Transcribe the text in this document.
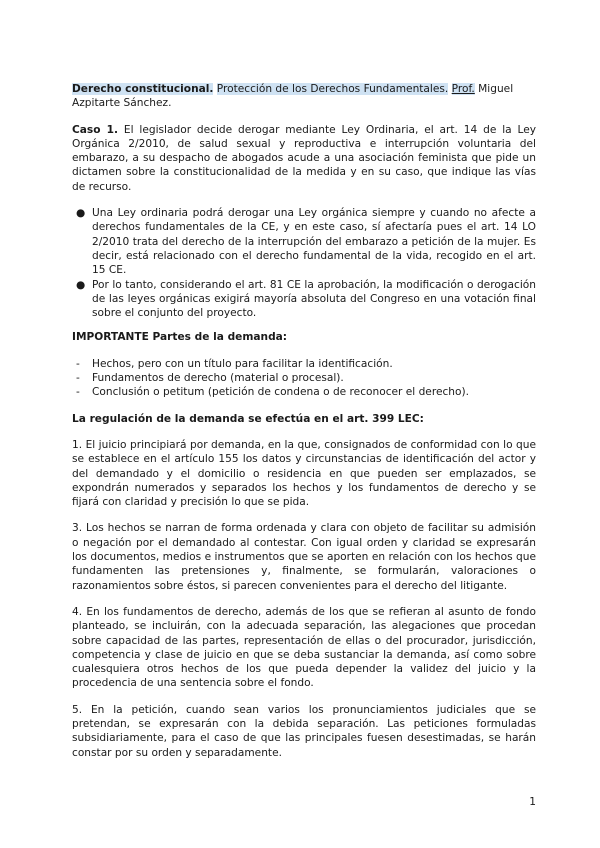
Derecho constitucional. Protección de los Derechos Fundamentales. Prof. Miguel Azpitarte Sánchez.

Caso 1. El legislador decide derogar mediante Ley Ordinaria, el art. 14 de la Ley Orgánica 2/2010, de salud sexual y reproductiva e interrupción voluntaria del embarazo, a su despacho de abogados acude a una asociación feminista que pide un dictamen sobre la constitucionalidad de la medida y en su caso, que indique las vías de recurso.

● Una Ley ordinaria podrá derogar una Ley orgánica siempre y cuando no afecte a derechos fundamentales de la CE, y en este caso, sí afectaría pues el art. 14 LO 2/2010 trata del derecho de la interrupción del embarazo a petición de la mujer. Es decir, está relacionado con el derecho fundamental de la vida, recogido en el art. 15 CE.
● Por lo tanto, considerando el art. 81 CE la aprobación, la modificación o derogación de las leyes orgánicas exigirá mayoría absoluta del Congreso en una votación final sobre el conjunto del proyecto.

IMPORTANTE Partes de la demanda:

- Hechos, pero con un título para facilitar la identificación.
- Fundamentos de derecho (material o procesal).
- Conclusión o petitum (petición de condena o de reconocer el derecho).

La regulación de la demanda se efectúa en el art. 399 LEC:

1. El juicio principiará por demanda, en la que, consignados de conformidad con lo que se establece en el artículo 155 los datos y circunstancias de identificación del actor y del demandado y el domicilio o residencia en que pueden ser emplazados, se expondrán numerados y separados los hechos y los fundamentos de derecho y se fijará con claridad y precisión lo que se pida.

3. Los hechos se narran de forma ordenada y clara con objeto de facilitar su admisión o negación por el demandado al contestar. Con igual orden y claridad se expresarán los documentos, medios e instrumentos que se aporten en relación con los hechos que fundamenten las pretensiones y, finalmente, se formularán, valoraciones o razonamientos sobre éstos, si parecen convenientes para el derecho del litigante.

4. En los fundamentos de derecho, además de los que se refieran al asunto de fondo planteado, se incluirán, con la adecuada separación, las alegaciones que procedan sobre capacidad de las partes, representación de ellas o del procurador, jurisdicción, competencia y clase de juicio en que se deba sustanciar la demanda, así como sobre cualesquiera otros hechos de los que pueda depender la validez del juicio y la procedencia de una sentencia sobre el fondo.

5. En la petición, cuando sean varios los pronunciamientos judiciales que se pretendan, se expresarán con la debida separación. Las peticiones formuladas subsidiariamente, para el caso de que las principales fuesen desestimadas, se harán constar por su orden y separadamente.

1
